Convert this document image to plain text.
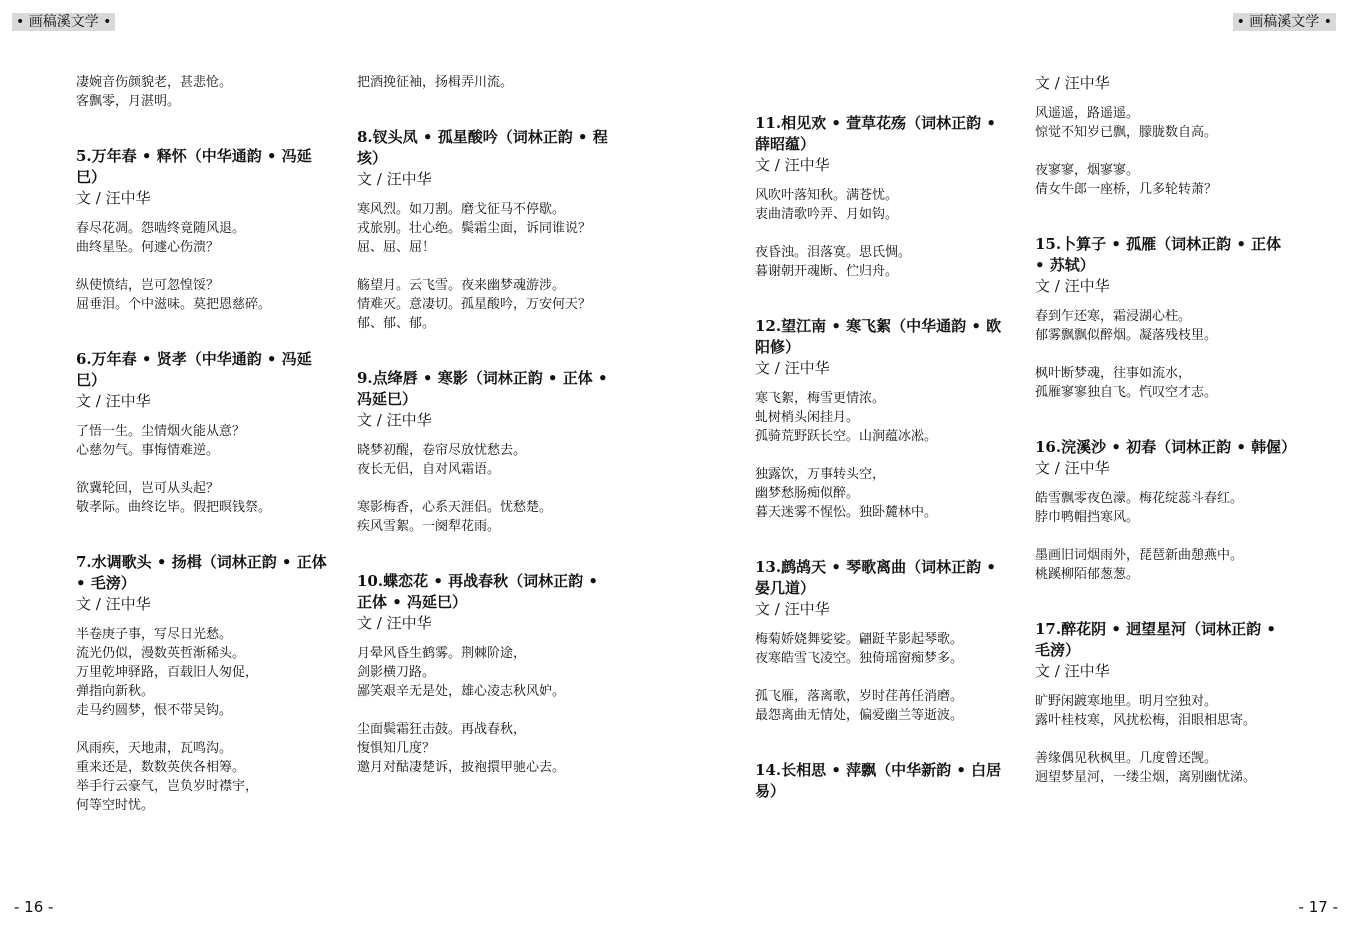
• 画稿溪文学 •	• 画稿溪文学 •

凄婉音伤颜貌老，甚悲怆。
客飘零，月湛明。

5.万年春 • 释怀（中华通韵 • 冯延巳）
文 / 汪中华

春尽花凋。怨啮终竟随风退。
曲终星坠。何遽心伤溃？

纵使愤结，岂可忽惶馁？
屈垂泪。个中滋味。莫把恩慈碎。

6.万年春 • 贤孝（中华通韵 • 冯延巳）
文 / 汪中华

了悟一生。尘情烟火能从意？
心慈勿气。事悔情难逆。

欲冀轮回，岂可从头起？
敬孝际。曲终讫毕。假把暝钱祭。

7.水调歌头 • 扬楫（词林正韵 • 正体 • 毛滂）
文 / 汪中华

半卷庚子事，写尽日光愁。
流光仍似，漫数英哲渐稀头。
万里乾坤驿路，百载旧人匆促，
弹指向新秋。
走马约圆梦，恨不带吴钩。

风雨疾，天地肃，瓦鸣沟。
重来还是，数数英侠各相筹。
举手行云豪气，岂负岁时襟宇，
何等空时忧。

把酒挽征袖，扬楫弄川流。

8.钗头凤 • 孤星酸吟（词林正韵 • 程垓）
文 / 汪中华

寒风烈。如刀割。磨戈征马不停歇。
戎旅别。壮心绝。鬓霜尘面，诉同谁说？
屈、屈、屈！

觞望月。云飞雪。夜来幽梦魂游涉。
情难灭。意凄切。孤星酸吟，万安何天？
郁、郁、郁。

9.点绛唇 • 寒影（词林正韵 • 正体 • 冯延巳）
文 / 汪中华

晓梦初醒，卷帘尽放忧愁去。
夜长无侣，自对风霜语。

寒影梅香，心系天涯侣。忧愁楚。
疾风雪絮。一阕犁花雨。

10.蝶恋花 • 再战春秋（词林正韵 • 正体 • 冯延巳）
文 / 汪中华

月晕风昏生鹤雾。荆棘阶途，
剑影横刀路。
鄙笑艰辛无是处，雄心凌志秋风妒。

尘面鬓霜狂击鼓。再战春秋，
愎惧知几度？
邀月对酤凄楚诉，披袍擐甲驰心去。

11.相见欢 • 萱草花殇（词林正韵 • 薛昭蕴）
文 / 汪中华

风吹叶落知秋。满苍忧。
衷曲清歌吟弄、月如钩。

夜昏浊。泪落寞。思氏惆。
暮谢朝开魂断、伫归舟。

12.望江南 • 寒飞絮（中华通韵 • 欧阳修）
文 / 汪中华

寒飞絮，梅雪更情浓。
虬树梢头闲挂月。
孤骑荒野跃长空。山涧蕴冰凇。

独露饮，万事转头空，
幽梦愁肠痴似醉。
暮天迷雾不惺忪。独卧麓林中。

13.鹧鸪天 • 琴歌离曲（词林正韵 • 晏几道）
文 / 汪中华

梅菊娇娆舞娑娑。翩跹芊影起琴歌。
夜寒皓雪飞凌空。独倚瑶窗痴梦多。

孤飞雁，落离歌，岁时荏苒任消磨。
最怨离曲无情处，偏爱幽兰等逝波。

14.长相思 • 萍飘（中华新韵 • 白居易）
文 / 汪中华

风遥遥，路遥遥。
惊觉不知岁已飘，朦胧数自高。

夜寥寥，烟寥寥。
倩女牛郎一座桥，几多轮转萧？

15.卜算子 • 孤雁（词林正韵 • 正体 • 苏轼）
文 / 汪中华

春到乍还寒，霜浸湖心柱。
郁雾飘飘似醉烟。凝落残枝里。

枫叶断梦魂，往事如流水，
孤雁寥寥独自飞。忾叹空才志。

16.浣溪沙 • 初春（词林正韵 • 韩偓）
文 / 汪中华

皓雪飘零夜色濛。梅花绽蕊斗春红。
脖巾鸭帽挡寒风。

墨画旧词烟雨外，琵琶新曲憩燕中。
桃蹊柳陌郁葱葱。

17.醉花阴 • 迥望星河（词林正韵 • 毛滂）
文 / 汪中华

旷野闲踱寒地里。明月空独对。
露叶桂枝寒，风扰松梅，泪眼相思寄。

善缘偶见秋枫里。几度曾还觊。
迥望梦星河，一缕尘烟，离别幽忧涕。

- 16 -	- 17 -
